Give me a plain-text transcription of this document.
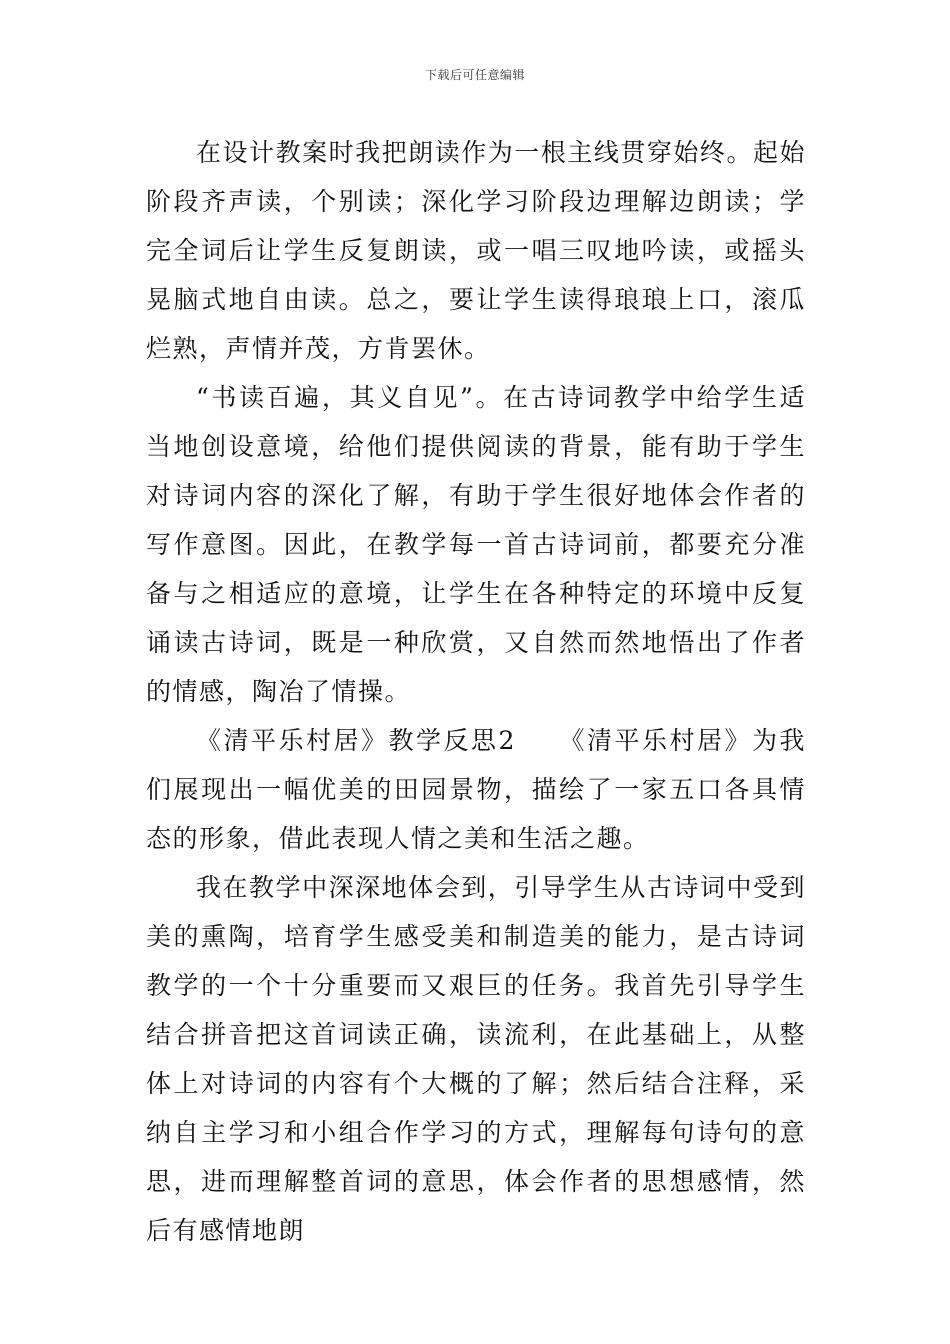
下载后可任意编辑

在设计教案时我把朗读作为一根主线贯穿始终。起始阶段齐声读，个别读；深化学习阶段边理解边朗读；学完全词后让学生反复朗读，或一唱三叹地吟读，或摇头晃脑式地自由读。总之，要让学生读得琅琅上口，滚瓜烂熟，声情并茂，方肯罢休。

“书读百遍，其义自见”。在古诗词教学中给学生适当地创设意境，给他们提供阅读的背景，能有助于学生对诗词内容的深化了解，有助于学生很好地体会作者的写作意图。因此，在教学每一首古诗词前，都要充分准备与之相适应的意境，让学生在各种特定的环境中反复诵读古诗词，既是一种欣赏，又自然而然地悟出了作者的情感，陶冶了情操。

《清平乐村居》教学反思2　　《清平乐村居》为我们展现出一幅优美的田园景物，描绘了一家五口各具情态的形象，借此表现人情之美和生活之趣。

我在教学中深深地体会到，引导学生从古诗词中受到美的熏陶，培育学生感受美和制造美的能力，是古诗词教学的一个十分重要而又艰巨的任务。我首先引导学生结合拼音把这首词读正确，读流利，在此基础上，从整体上对诗词的内容有个大概的了解；然后结合注释，采纳自主学习和小组合作学习的方式，理解每句诗句的意思，进而理解整首词的意思，体会作者的思想感情，然后有感情地朗
